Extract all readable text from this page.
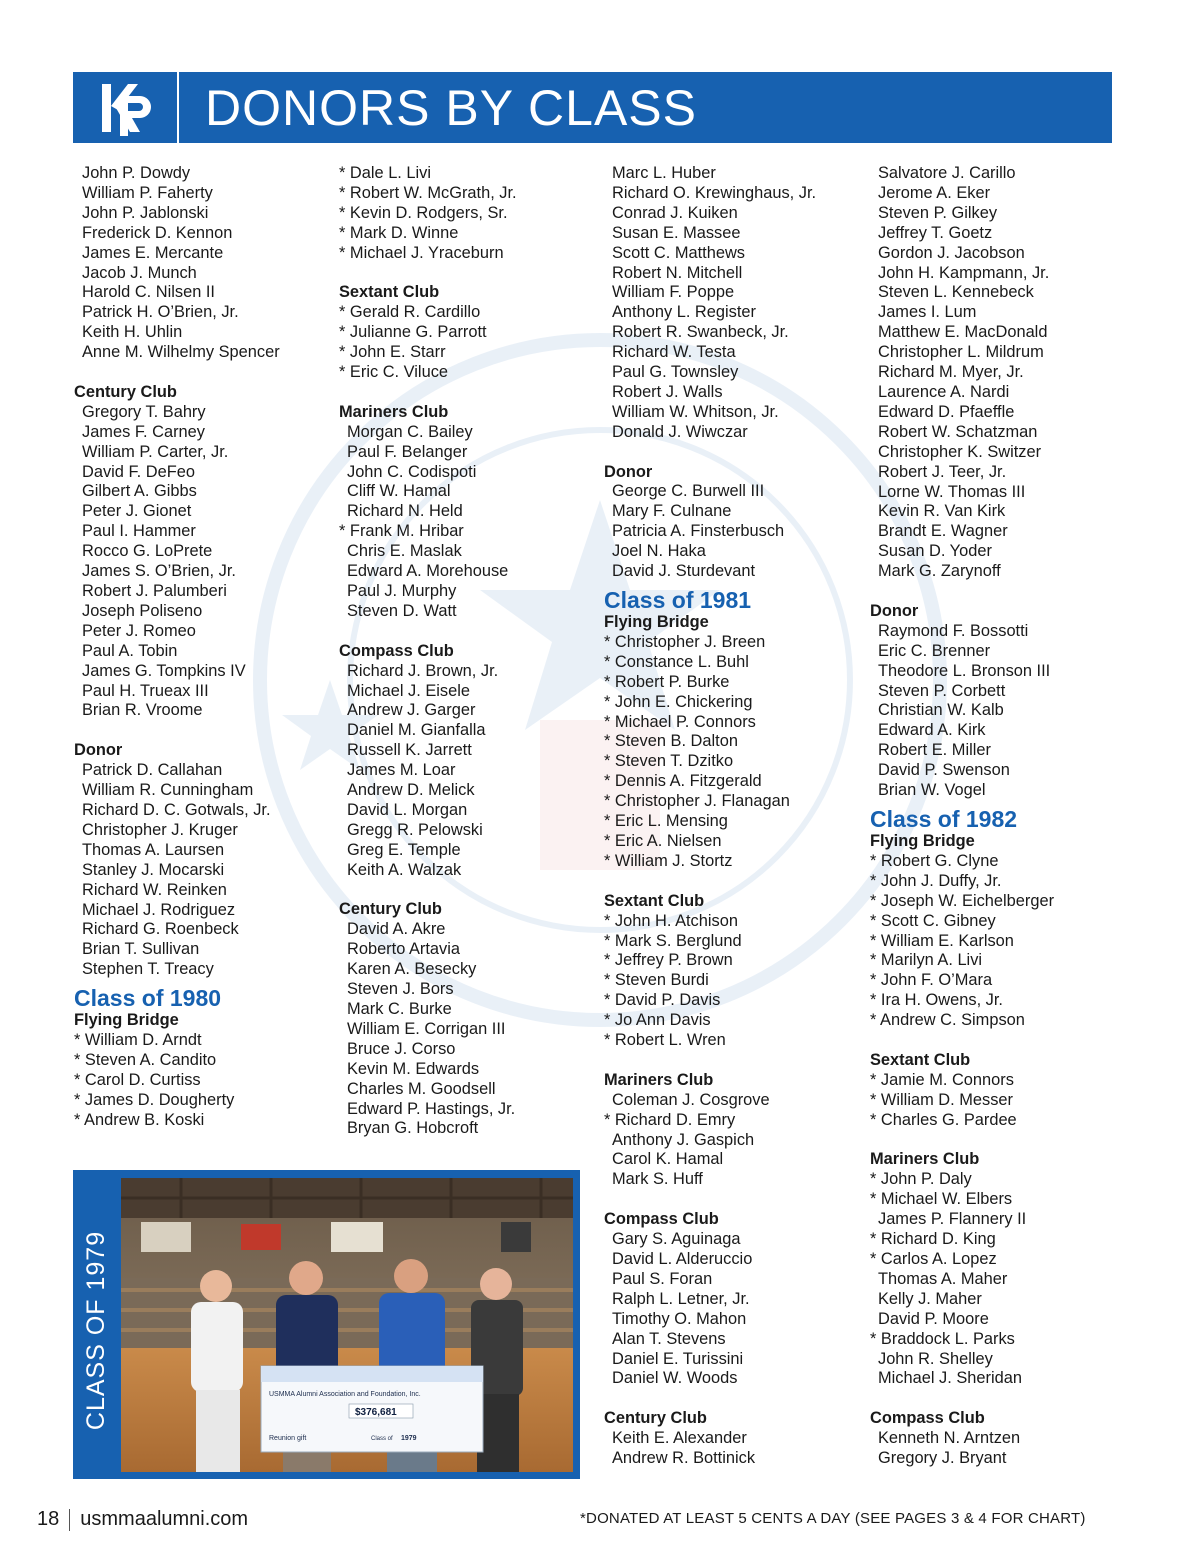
DONORS BY CLASS
John P. Dowdy
William P. Faherty
John P. Jablonski
Frederick D. Kennon
James E. Mercante
Jacob J. Munch
Harold C. Nilsen II
Patrick H. O’Brien, Jr.
Keith H. Uhlin
Anne M. Wilhelmy Spencer
Century Club
Gregory T. Bahry
James F. Carney
William P. Carter, Jr.
David F. DeFeo
Gilbert A. Gibbs
Peter J. Gionet
Paul I. Hammer
Rocco G. LoPrete
James S. O’Brien, Jr.
Robert J. Palumberi
Joseph Poliseno
Peter J. Romeo
Paul A. Tobin
James G. Tompkins IV
Paul H. Trueax III
Brian R. Vroome
Donor
Patrick D. Callahan
William R. Cunningham
Richard D. C. Gotwals, Jr.
Christopher J. Kruger
Thomas A. Laursen
Stanley J. Mocarski
Richard W. Reinken
Michael J. Rodriguez
Richard G. Roenbeck
Brian T. Sullivan
Stephen T. Treacy
Class of 1980
Flying Bridge
* William D. Arndt
* Steven A. Candito
* Carol D. Curtiss
* James D. Dougherty
* Andrew B. Koski
* Dale L. Livi
* Robert W. McGrath, Jr.
* Kevin D. Rodgers, Sr.
* Mark D. Winne
* Michael J. Yraceburn
Sextant Club
* Gerald R. Cardillo
* Julianne G. Parrott
* John E. Starr
* Eric C. Viluce
Mariners Club
Morgan C. Bailey
Paul F. Belanger
John C. Codispoti
Cliff W. Hamal
Richard N. Held
* Frank M. Hribar
Chris E. Maslak
Edward A. Morehouse
Paul J. Murphy
Steven D. Watt
Compass Club
Richard J. Brown, Jr.
Michael J. Eisele
Andrew J. Garger
Daniel M. Gianfalla
Russell K. Jarrett
James M. Loar
Andrew D. Melick
David L. Morgan
Gregg R. Pelowski
Greg E. Temple
Keith A. Walzak
Century Club
David A. Akre
Roberto Artavia
Karen A. Besecky
Steven J. Bors
Mark C. Burke
William E. Corrigan III
Bruce J. Corso
Kevin M. Edwards
Charles M. Goodsell
Edward P. Hastings, Jr.
Bryan G. Hobcroft
Marc L. Huber
Richard O. Krewinghaus, Jr.
Conrad J. Kuiken
Susan E. Massee
Scott C. Matthews
Robert N. Mitchell
William F. Poppe
Anthony L. Register
Robert R. Swanbeck, Jr.
Richard W. Testa
Paul G. Townsley
Robert J. Walls
William W. Whitson, Jr.
Donald J. Wiwczar
Donor
George C. Burwell III
Mary F. Culnane
Patricia A. Finsterbusch
Joel N. Haka
David J. Sturdevant
Class of 1981
Flying Bridge
* Christopher J. Breen
* Constance L. Buhl
* Robert P. Burke
* John E. Chickering
* Michael P. Connors
* Steven B. Dalton
* Steven T. Dzitko
* Dennis A. Fitzgerald
* Christopher J. Flanagan
* Eric L. Mensing
* Eric A. Nielsen
* William J. Stortz
Sextant Club
* John H. Atchison
* Mark S. Berglund
* Jeffrey P. Brown
* Steven Burdi
* David P. Davis
* Jo Ann Davis
* Robert L. Wren
Mariners Club
Coleman J. Cosgrove
* Richard D. Emry
Anthony J. Gaspich
Carol K. Hamal
Mark S. Huff
Compass Club
Gary S. Aguinaga
David L. Alderuccio
Paul S. Foran
Ralph L. Letner, Jr.
Timothy O. Mahon
Alan T. Stevens
Daniel E. Turissini
Daniel W. Woods
Century Club
Keith E. Alexander
Andrew R. Bottinick
Salvatore J. Carillo
Jerome A. Eker
Steven P. Gilkey
Jeffrey T. Goetz
Gordon J. Jacobson
John H. Kampmann, Jr.
Steven L. Kennebeck
James I. Lum
Matthew E. MacDonald
Christopher L. Mildrum
Richard M. Myer, Jr.
Laurence A. Nardi
Edward D. Pfaeffle
Robert W. Schatzman
Christopher K. Switzer
Robert J. Teer, Jr.
Lorne W. Thomas III
Kevin R. Van Kirk
Brandt E. Wagner
Susan D. Yoder
Mark G. Zarynoff
Donor
Raymond F. Bossotti
Eric C. Brenner
Theodore L. Bronson III
Steven P. Corbett
Christian W. Kalb
Edward A. Kirk
Robert E. Miller
David P. Swenson
Brian W. Vogel
Class of 1982
Flying Bridge
* Robert G. Clyne
* John J. Duffy, Jr.
* Joseph W. Eichelberger
* Scott C. Gibney
* William E. Karlson
* Marilyn A. Livi
* John F. O’Mara
* Ira H. Owens, Jr.
* Andrew C. Simpson
Sextant Club
* Jamie M. Connors
* William D. Messer
* Charles G. Pardee
Mariners Club
* John P. Daly
* Michael W. Elbers
James P. Flannery II
* Richard D. King
* Carlos A. Lopez
Thomas A. Maher
Kelly J. Maher
David P. Moore
* Braddock L. Parks
John R. Shelley
Michael J. Sheridan
Compass Club
Kenneth N. Arntzen
Gregory J. Bryant
CLASS OF 1979	USMMA Alumni Association and Foundation, Inc.
$376,681
Reunion gift	Class of 1979
18 usmmaalumni.com	*DONATED AT LEAST 5 CENTS A DAY (SEE PAGES 3 & 4 FOR CHART)
